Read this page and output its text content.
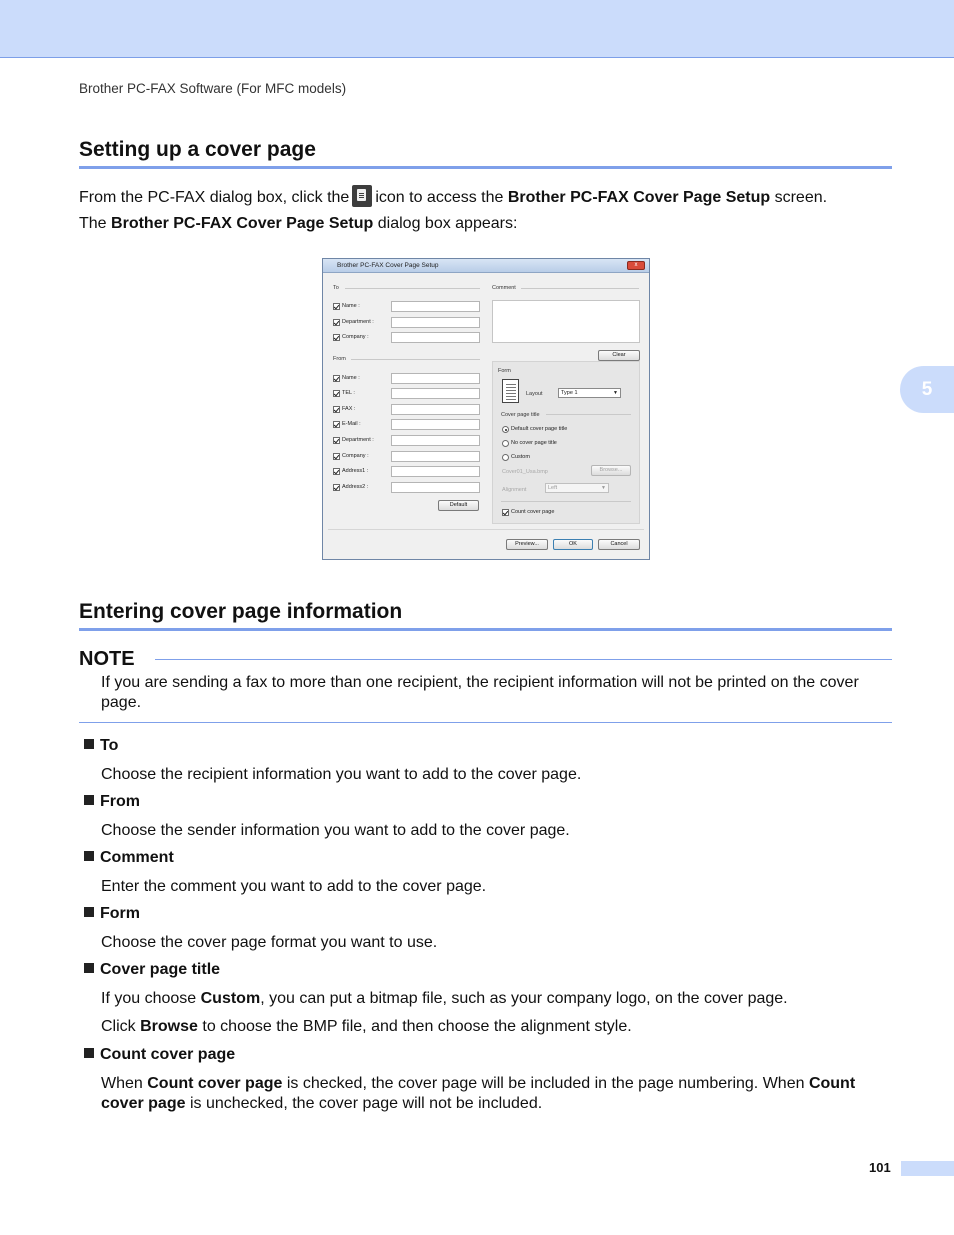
Brother PC-FAX Software (For MFC models)
5
Setting up a cover page
From the PC-FAX dialog box, click the icon to access the Brother PC-FAX Cover Page Setup screen.
The Brother PC-FAX Cover Page Setup dialog box appears:
Brother PC-FAX Cover Page Setup	x
To
Name :
Department :
Company :
From
Name :
TEL :
FAX :
E-Mail :
Department :
Company :
Address1 :
Address2 :
Default
Comment
Clear
Form
Layout	Type 1	▼
Cover page title
Default cover page title
No cover page title
Custom
Cover01_Usa.bmp	Browse...
Alignment	Left	▼
Count cover page
Preview...	OK	Cancel
Entering cover page information
NOTE
If you are sending a fax to more than one recipient, the recipient information will not be printed on the cover page.
To
Choose the recipient information you want to add to the cover page.
From
Choose the sender information you want to add to the cover page.
Comment
Enter the comment you want to add to the cover page.
Form
Choose the cover page format you want to use.
Cover page title
If you choose Custom, you can put a bitmap file, such as your company logo, on the cover page.
Click Browse to choose the BMP file, and then choose the alignment style.
Count cover page
When Count cover page is checked, the cover page will be included in the page numbering. When Count cover page is unchecked, the cover page will not be included.
101
